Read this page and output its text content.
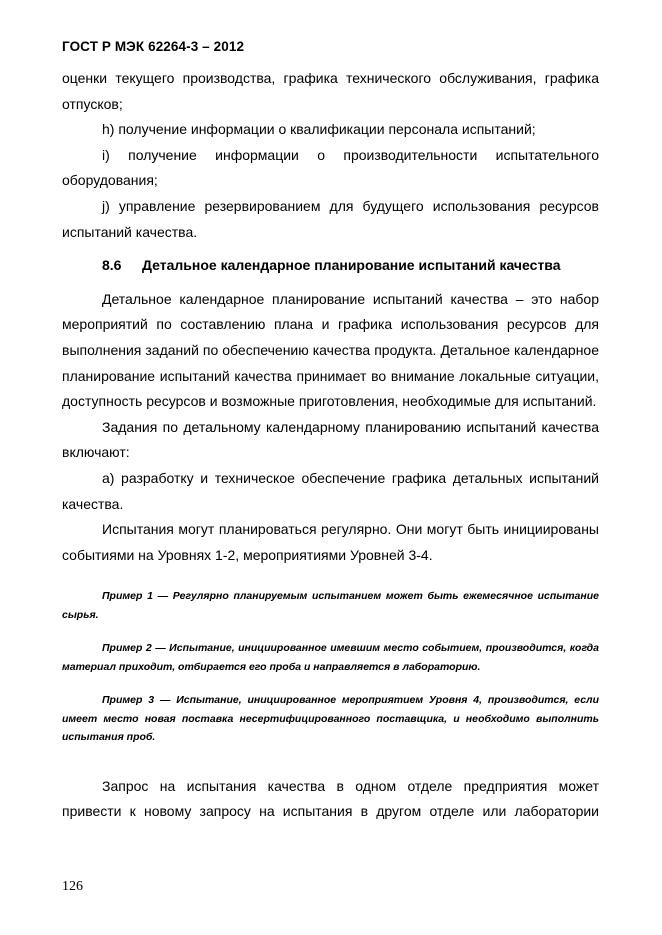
ГОСТ Р МЭК 62264-3 – 2012

оценки текущего производства, графика технического обслуживания, графика отпусков;

h) получение информации о квалификации персонала испытаний;

i) получение информации о производительности испытательного оборудования;

j) управление резервированием для будущего использования ресурсов испытаний качества.

8.6 Детальное календарное планирование испытаний качества

Детальное календарное планирование испытаний качества – это набор мероприятий по составлению плана и графика использования ресурсов для выполнения заданий по обеспечению качества продукта. Детальное календарное планирование испытаний качества принимает во внимание локальные ситуации, доступность ресурсов и возможные приготовления, необходимые для испытаний.

Задания по детальному календарному планированию испытаний качества включают:

а) разработку и техническое обеспечение графика детальных испытаний качества.

Испытания могут планироваться регулярно. Они могут быть инициированы событиями на Уровнях 1-2, мероприятиями Уровней 3-4.

Пример 1 — Регулярно планируемым испытанием может быть ежемесячное испытание сырья.

Пример 2 — Испытание, инициированное имевшим место событием, производится, когда материал приходит, отбирается его проба и направляется в лабораторию.

Пример 3 — Испытание, инициированное мероприятием Уровня 4, производится, если имеет место новая поставка несертифицированного поставщика, и необходимо выполнить испытания проб.

Запрос на испытания качества в одном отделе предприятия может привести к новому запросу на испытания в другом отделе или лаборатории

126
